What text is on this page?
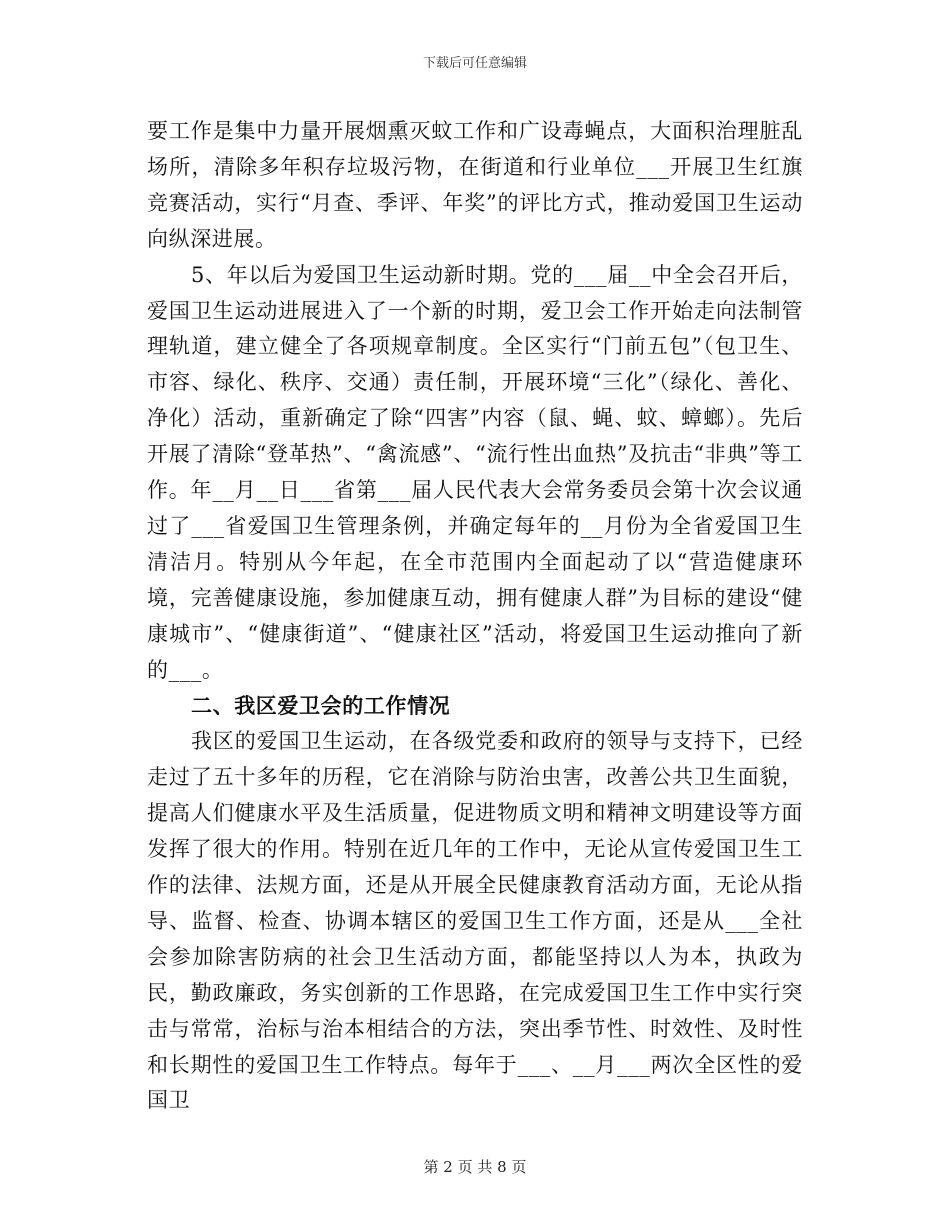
下载后可任意编辑

要工作是集中力量开展烟熏灭蚊工作和广设毒蝇点，大面积治理脏乱场所，清除多年积存垃圾污物，在街道和行业单位___开展卫生红旗竞赛活动，实行“月查、季评、年奖”的评比方式，推动爱国卫生运动向纵深进展。

5、年以后为爱国卫生运动新时期。党的___届__中全会召开后，爱国卫生运动进展进入了一个新的时期，爱卫会工作开始走向法制管理轨道，建立健全了各项规章制度。全区实行“门前五包”（包卫生、市容、绿化、秩序、交通）责任制，开展环境“三化”（绿化、善化、净化）活动，重新确定了除“四害”内容（鼠、蝇、蚊、蟑螂）。先后开展了清除“登革热”、“禽流感”、“流行性出血热”及抗击“非典”等工作。年__月__日___省第___届人民代表大会常务委员会第十次会议通过了___省爱国卫生管理条例，并确定每年的__月份为全省爱国卫生清洁月。特别从今年起，在全市范围内全面起动了以“营造健康环境，完善健康设施，参加健康互动，拥有健康人群”为目标的建设“健康城市”、“健康街道”、“健康社区”活动，将爱国卫生运动推向了新的___。

二、我区爱卫会的工作情况

我区的爱国卫生运动，在各级党委和政府的领导与支持下，已经走过了五十多年的历程，它在消除与防治虫害，改善公共卫生面貌，提高人们健康水平及生活质量，促进物质文明和精神文明建设等方面发挥了很大的作用。特别在近几年的工作中，无论从宣传爱国卫生工作的法律、法规方面，还是从开展全民健康教育活动方面，无论从指导、监督、检查、协调本辖区的爱国卫生工作方面，还是从___全社会参加除害防病的社会卫生活动方面，都能坚持以人为本，执政为民，勤政廉政，务实创新的工作思路，在完成爱国卫生工作中实行突击与常常，治标与治本相结合的方法，突出季节性、时效性、及时性和长期性的爱国卫生工作特点。每年于___、__月___两次全区性的爱国卫

第 2 页 共 8 页
